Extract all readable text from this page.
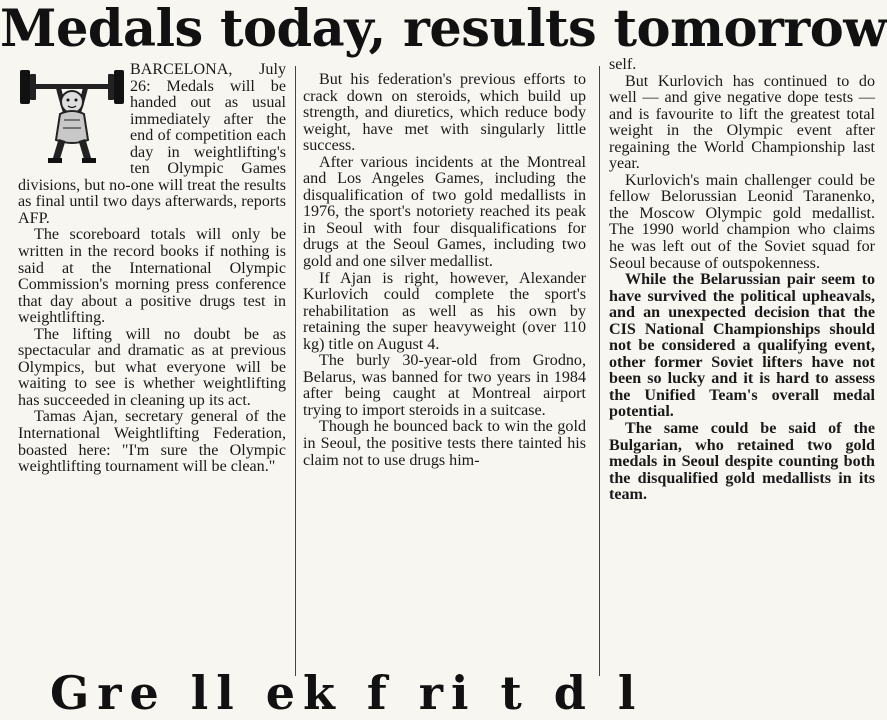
Medals today, results tomorrow

BARCELONA, July 26: Medals will be handed out as usual immediately after the end of competition each day in weightlifting's ten Olympic Games divisions, but no-one will treat the results as final until two days afterwards, reports AFP.

The scoreboard totals will only be written in the record books if nothing is said at the International Olympic Commission's morning press conference that day about a positive drugs test in weightlifting.

The lifting will no doubt be as spectacular and dramatic as at previous Olympics, but what everyone will be waiting to see is whether weightlifting has succeeded in cleaning up its act.

Tamas Ajan, secretary general of the International Weightlifting Federation, boasted here: "I'm sure the Olympic weightlifting tournament will be clean."

But his federation's previous efforts to crack down on steroids, which build up strength, and diuretics, which reduce body weight, have met with singularly little success.

After various incidents at the Montreal and Los Angeles Games, including the disqualification of two gold medallists in 1976, the sport's notoriety reached its peak in Seoul with four disqualifications for drugs at the Seoul Games, including two gold and one silver medallist.

If Ajan is right, however, Alexander Kurlovich could complete the sport's rehabilitation as well as his own by retaining the super heavyweight (over 110 kg) title on August 4.

The burly 30-year-old from Grodno, Belarus, was banned for two years in 1984 after being caught at Montreal airport trying to import steroids in a suitcase.

Though he bounced back to win the gold in Seoul, the positive tests there tainted his claim not to use drugs him-

self.

But Kurlovich has continued to do well — and give negative dope tests — and is favourite to lift the greatest total weight in the Olympic event after regaining the World Championship last year.

Kurlovich's main challenger could be fellow Belorussian Leonid Taranenko, the Moscow Olympic gold medallist. The 1990 world champion who claims he was left out of the Soviet squad for Seoul because of outspokenness.

While the Belarussian pair seem to have survived the political upheavals, and an unexpected decision that the CIS National Championships should not be considered a qualifying event, other former Soviet lifters have not been so lucky and it is hard to assess the Unified Team's overall medal potential.

The same could be said of the Bulgarian, who retained two gold medals in Seoul despite counting both the disqualified gold medallists in its team.

Gre ll ek f ri t d l
